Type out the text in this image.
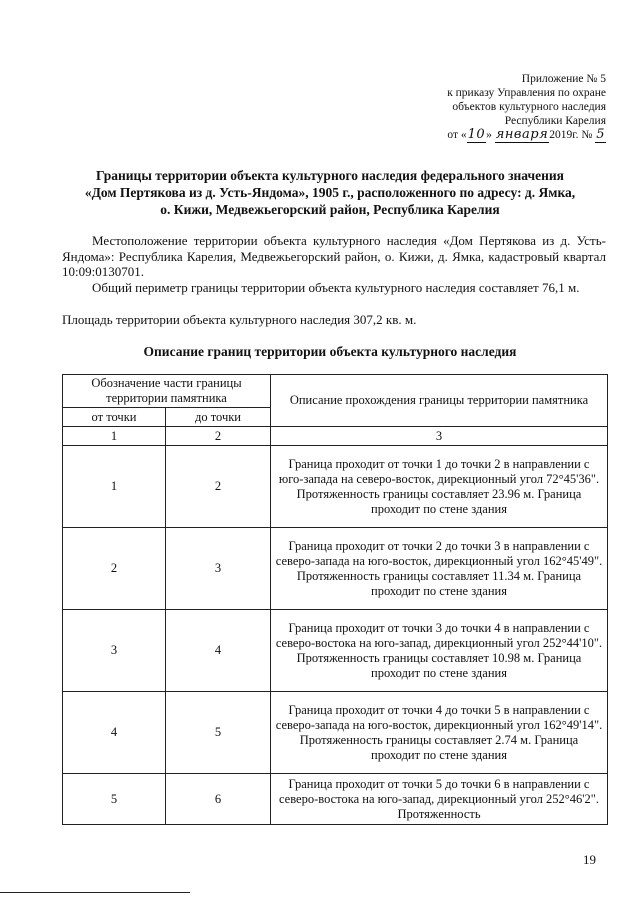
Приложение № 5
к приказу Управления по охране
объектов культурного наследия
Республики Карелия
от «10» января2019г. № 5
Границы территории объекта культурного наследия федерального значения
«Дом Пертякова из д. Усть-Яндома», 1905 г., расположенного по адресу: д. Ямка,
о. Кижи, Медвежьегорский район, Республика Карелия
Местоположение территории объекта культурного наследия «Дом Пертякова из д. Усть-Яндома»: Республика Карелия, Медвежьегорский район, о. Кижи, д. Ямка, кадастровый квартал 10:09:0130701.
Общий периметр границы территории объекта культурного наследия составляет 76,1 м.
Площадь территории объекта культурного наследия 307,2 кв. м.
Описание границ территории объекта культурного наследия
Обозначение части границы территории памятника		Описание прохождения границы территории памятника
от точки	до точки	
1	2	3
1	2	Граница проходит от точки 1 до точки 2 в направлении с юго-запада на северо-восток, дирекционный угол 72°45'36". Протяженность границы составляет 23.96 м. Граница проходит по стене здания
2	3	Граница проходит от точки 2 до точки 3 в направлении с северо-запада на юго-восток, дирекционный угол 162°45'49". Протяженность границы составляет 11.34 м. Граница проходит по стене здания
3	4	Граница проходит от точки 3 до точки 4 в направлении с северо-востока на юго-запад, дирекционный угол 252°44'10". Протяженность границы составляет 10.98 м. Граница проходит по стене здания
4	5	Граница проходит от точки 4 до точки 5 в направлении с северо-запада на юго-восток, дирекционный угол 162°49'14". Протяженность границы составляет 2.74 м. Граница проходит по стене здания
5	6	Граница проходит от точки 5 до точки 6 в направлении с северо-востока на юго-запад, дирекционный угол 252°46'2". Протяженность
19
